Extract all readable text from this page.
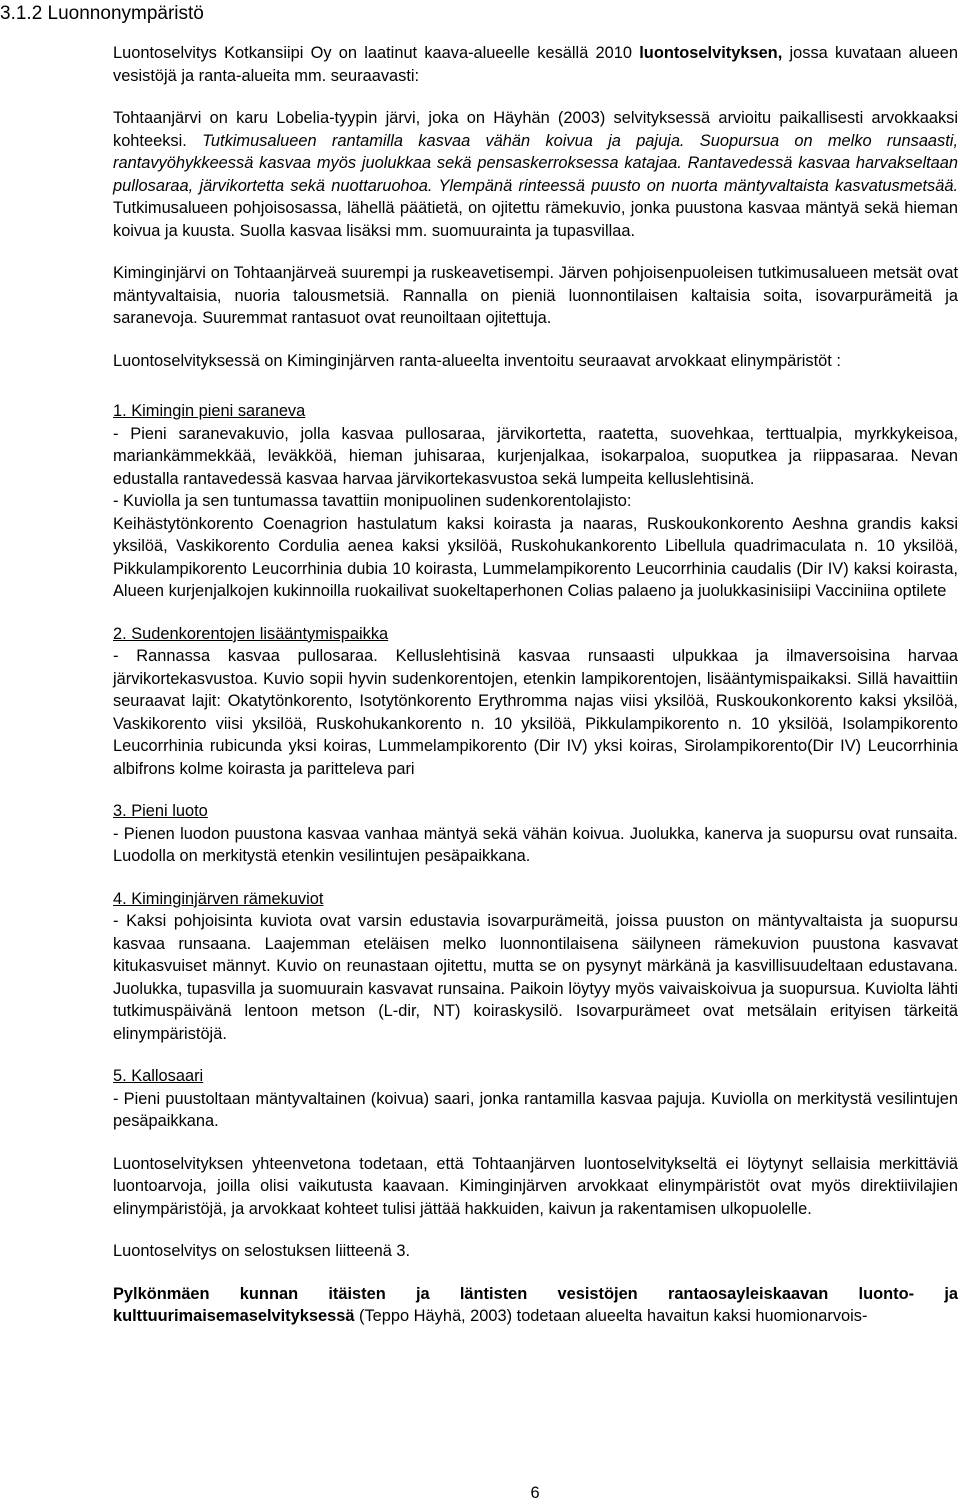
3.1.2 Luonnonympäristö

Luontoselvitys Kotkansiipi Oy on laatinut kaava-alueelle kesällä 2010 luontoselvityksen, jossa kuvataan alueen vesistöjä ja ranta-alueita mm. seuraavasti:

Tohtaanjärvi on karu Lobelia-tyypin järvi, joka on Häyhän (2003) selvityksessä arvioitu paikallisesti arvokkaaksi kohteeksi. Tutkimusalueen rantamilla kasvaa vähän koivua ja pajuja. Suopursua on melko runsaasti, rantavyöhykkeessä kasvaa myös juolukkaa sekä pensaskerroksessa katajaa. Rantavedessä kasvaa harvakseltaan pullosaraa, järvikortetta sekä nuottaruohoa. Ylempänä rinteessä puusto on nuorta mäntyvaltaista kasvatusmetsää. Tutkimusalueen pohjoisosassa, lähellä päätietä, on ojitettu rämekuvio, jonka puustona kasvaa mäntyä sekä hieman koivua ja kuusta. Suolla kasvaa lisäksi mm. suomuurainta ja tupasvillaa.

Kiminginjärvi on Tohtaanjärveä suurempi ja ruskeavetisempi. Järven pohjoisenpuoleisen tutkimusalueen metsät ovat mäntyvaltaisia, nuoria talousmetsiä. Rannalla on pieniä luonnontilaisen kaltaisia soita, isovarpurämeitä ja saranevoja. Suuremmat rantasuot ovat reunoiltaan ojitettuja.

Luontoselvityksessä on Kiminginjärven ranta-alueelta inventoitu seuraavat arvokkaat elinympäristöt :

1. Kimingin pieni saraneva

- Pieni saranevakuvio, jolla kasvaa pullosaraa, järvikortetta, raatetta, suovehkaa, terttualpia, myrkkykeisoa, mariankämmekkää, leväkköä, hieman juhisaraa, kurjenjalkaa, isokarpaloa, suoputkea ja riippasaraa. Nevan edustalla rantavedessä kasvaa harvaa järvikortekasvustoa sekä lumpeita kelluslehtisinä.

- Kuviolla ja sen tuntumassa tavattiin monipuolinen sudenkorentolajisto:

Keihästytönkorento Coenagrion hastulatum kaksi koirasta ja naaras, Ruskoukonkorento Aeshna grandis kaksi yksilöä, Vaskikorento Cordulia aenea kaksi yksilöä, Ruskohukankorento Libellula quadrimaculata n. 10 yksilöä, Pikkulampikorento Leucorrhinia dubia 10 koirasta, Lummelampikorento Leucorrhinia caudalis (Dir IV) kaksi koirasta, Alueen kurjenjalkojen kukinnoilla ruokailivat suokeltaperhonen Colias palaeno ja juolukkasinisiipi Vacciniina optilete

2. Sudenkorentojen lisääntymispaikka

- Rannassa kasvaa pullosaraa. Kelluslehtisinä kasvaa runsaasti ulpukkaa ja ilmaversoisina harvaa järvikortekasvustoa. Kuvio sopii hyvin sudenkorentojen, etenkin lampikorentojen, lisääntymispaikaksi. Sillä havaittiin seuraavat lajit: Okatytönkorento, Isotytönkorento Erythromma najas viisi yksilöä, Ruskoukonkorento kaksi yksilöä, Vaskikorento viisi yksilöä, Ruskohukankorento n. 10 yksilöä, Pikkulampikorento n. 10 yksilöä, Isolampikorento Leucorrhinia rubicunda yksi koiras, Lummelampikorento (Dir IV) yksi koiras, Sirolampikorento(Dir IV) Leucorrhinia albifrons kolme koirasta ja paritteleva pari

3. Pieni luoto

- Pienen luodon puustona kasvaa vanhaa mäntyä sekä vähän koivua. Juolukka, kanerva ja suopursu ovat runsaita. Luodolla on merkitystä etenkin vesilintujen pesäpaikkana.

4. Kiminginjärven rämekuviot

- Kaksi pohjoisinta kuviota ovat varsin edustavia isovarpurämeitä, joissa puuston on mäntyvaltaista ja suopursu kasvaa runsaana. Laajemman eteläisen melko luonnontilaisena säilyneen rämekuvion puustona kasvavat kitukasvuiset männyt. Kuvio on reunastaan ojitettu, mutta se on pysynyt märkänä ja kasvillisuudeltaan edustavana. Juolukka, tupasvilla ja suomuurain kasvavat runsaina. Paikoin löytyy myös vaivaiskoivua ja suopursua. Kuviolta lähti tutkimuspäivänä lentoon metson (L-dir, NT) koiraskysilö. Isovarpurämeet ovat metsälain erityisen tärkeitä elinympäristöjä.

5. Kallosaari

- Pieni puustoltaan mäntyvaltainen (koivua) saari, jonka rantamilla kasvaa pajuja. Kuviolla on merkitystä vesilintujen pesäpaikkana.

Luontoselvityksen yhteenvetona todetaan, että Tohtaanjärven luontoselvitykseltä ei löytynyt sellaisia merkittäviä luontoarvoja, joilla olisi vaikutusta kaavaan. Kiminginjärven arvokkaat elinympäristöt ovat myös direktiivilajien elinympäristöjä, ja arvokkaat kohteet tulisi jättää hakkuiden, kaivun ja rakentamisen ulkopuolelle.

Luontoselvitys on selostuksen liitteenä 3.

Pylkönmäen kunnan itäisten ja läntisten vesistöjen rantaosayleiskaavan luonto- ja kulttuurimaisemaselvityksessä (Teppo Häyhä, 2003) todetaan alueelta havaitun kaksi huomionarvois-

6
